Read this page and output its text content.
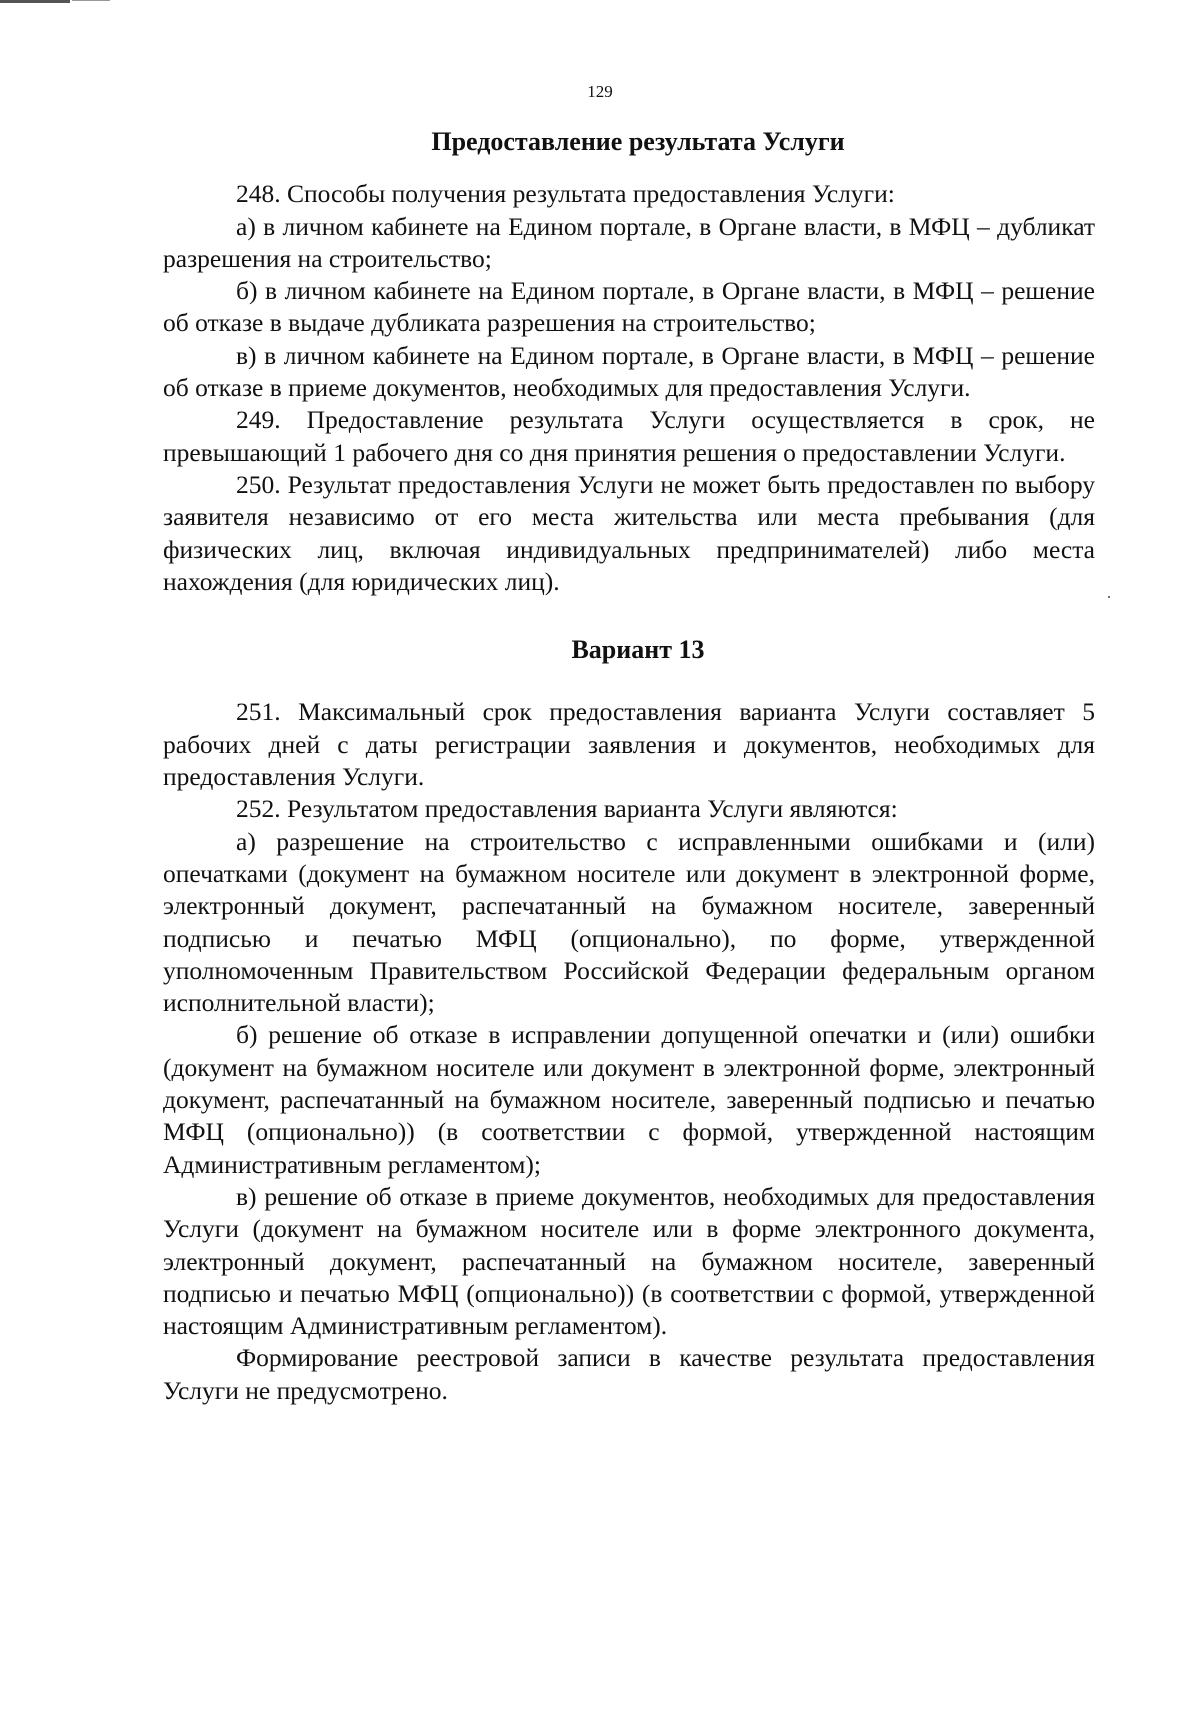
129
Предоставление результата Услуги

248. Способы получения результата предоставления Услуги:

а) в личном кабинете на Едином портале, в Органе власти, в МФЦ – дубликат разрешения на строительство;

б) в личном кабинете на Едином портале, в Органе власти, в МФЦ – решение об отказе в выдаче дубликата разрешения на строительство;

в) в личном кабинете на Едином портале, в Органе власти, в МФЦ – решение об отказе в приеме документов, необходимых для предоставления Услуги.

249. Предоставление результата Услуги осуществляется в срок, не превышающий 1 рабочего дня со дня принятия решения о предоставлении Услуги.

250. Результат предоставления Услуги не может быть предоставлен по выбору заявителя независимо от его места жительства или места пребывания (для физических лиц, включая индивидуальных предпринимателей) либо места нахождения (для юридических лиц).

Вариант 13

251. Максимальный срок предоставления варианта Услуги составляет 5 рабочих дней с даты регистрации заявления и документов, необходимых для предоставления Услуги.

252. Результатом предоставления варианта Услуги являются:

а) разрешение на строительство с исправленными ошибками и (или) опечатками (документ на бумажном носителе или документ в электронной форме, электронный документ, распечатанный на бумажном носителе, заверенный подписью и печатью МФЦ (опционально), по форме, утвержденной уполномоченным Правительством Российской Федерации федеральным органом исполнительной власти);

б) решение об отказе в исправлении допущенной опечатки и (или) ошибки (документ на бумажном носителе или документ в электронной форме, электронный документ, распечатанный на бумажном носителе, заверенный подписью и печатью МФЦ (опционально)) (в соответствии с формой, утвержденной настоящим Административным регламентом);

в) решение об отказе в приеме документов, необходимых для предоставления Услуги (документ на бумажном носителе или в форме электронного документа, электронный документ, распечатанный на бумажном носителе, заверенный подписью и печатью МФЦ (опционально)) (в соответствии с формой, утвержденной настоящим Административным регламентом).

Формирование реестровой записи в качестве результата предоставления Услуги не предусмотрено.
